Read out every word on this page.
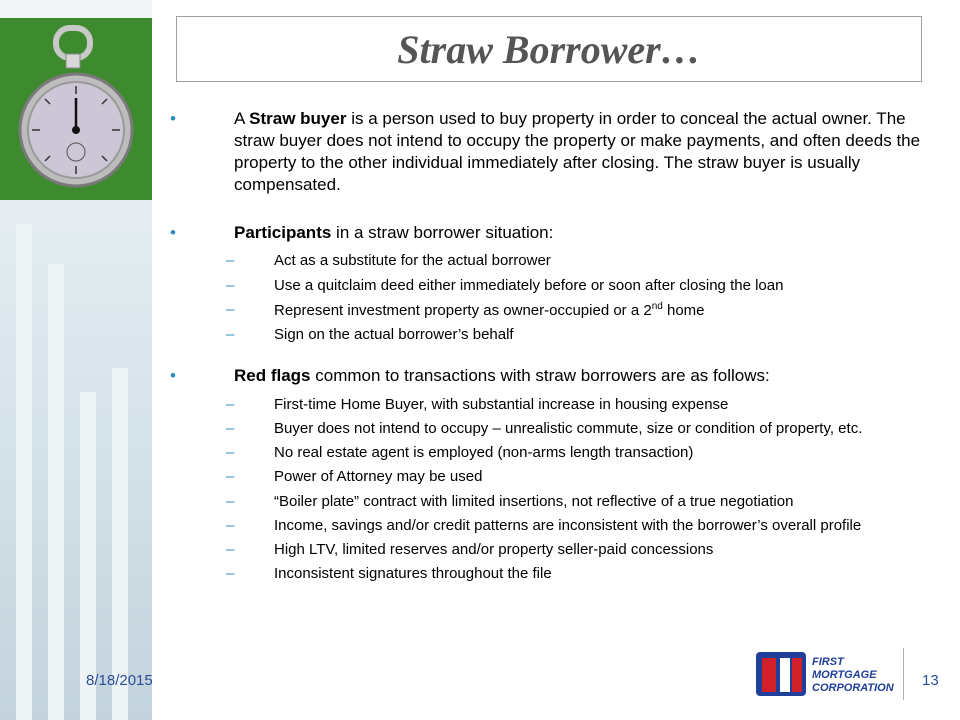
Straw Borrower…
•	A Straw buyer is a person used to buy property in order to conceal the actual owner. The straw buyer does not intend to occupy the property or make payments, and often deeds the property to the other individual immediately after closing. The straw buyer is usually compensated.
•	Participants in a straw borrower situation:
–	Act as a substitute for the actual borrower
–	Use a quitclaim deed either immediately before or soon after closing the loan
–	Represent investment property as owner-occupied or a 2nd home
–	Sign on the actual borrower’s behalf
•	Red flags common to transactions with straw borrowers are as follows:
–	First-time Home Buyer, with substantial increase in housing expense
–	Buyer does not intend to occupy – unrealistic commute, size or condition of property, etc.
–	No real estate agent is employed (non-arms length transaction)
–	Power of Attorney may be used
–	“Boiler plate” contract with limited insertions, not reflective of a true negotiation
–	Income, savings and/or credit patterns are inconsistent with the borrower’s overall profile
–	High LTV, limited reserves and/or property seller-paid concessions
–	Inconsistent signatures throughout the file
8/18/2015
FIRST
MORTGAGE
CORPORATION 13
